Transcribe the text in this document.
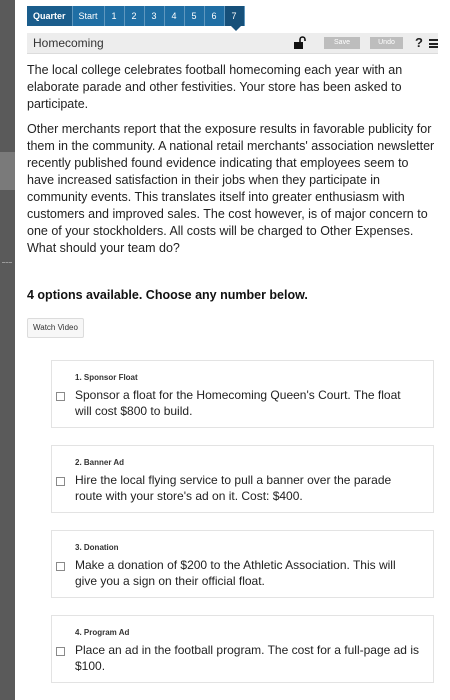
Quarter	Start	1	2	3	4	5	6	7
Homecoming	Save	Undo	?

The local college celebrates football homecoming each year with an elaborate parade and other festivities. Your store has been asked to participate.

Other merchants report that the exposure results in favorable publicity for them in the community. A national retail merchants' association newsletter recently published found evidence indicating that employees seem to have increased satisfaction in their jobs when they participate in community events. This translates itself into greater enthusiasm with customers and improved sales. The cost however, is of major concern to one of your stockholders. All costs will be charged to Other Expenses. What should your team do?

4 options available. Choose any number below.
Watch Video
1. Sponsor Float
Sponsor a float for the Homecoming Queen's Court. The float will cost $800 to build.
2. Banner Ad
Hire the local flying service to pull a banner over the parade route with your store's ad on it. Cost: $400.
3. Donation
Make a donation of $200 to the Athletic Association. This will give you a sign on their official float.
4. Program Ad
Place an ad in the football program. The cost for a full-page ad is $100.
